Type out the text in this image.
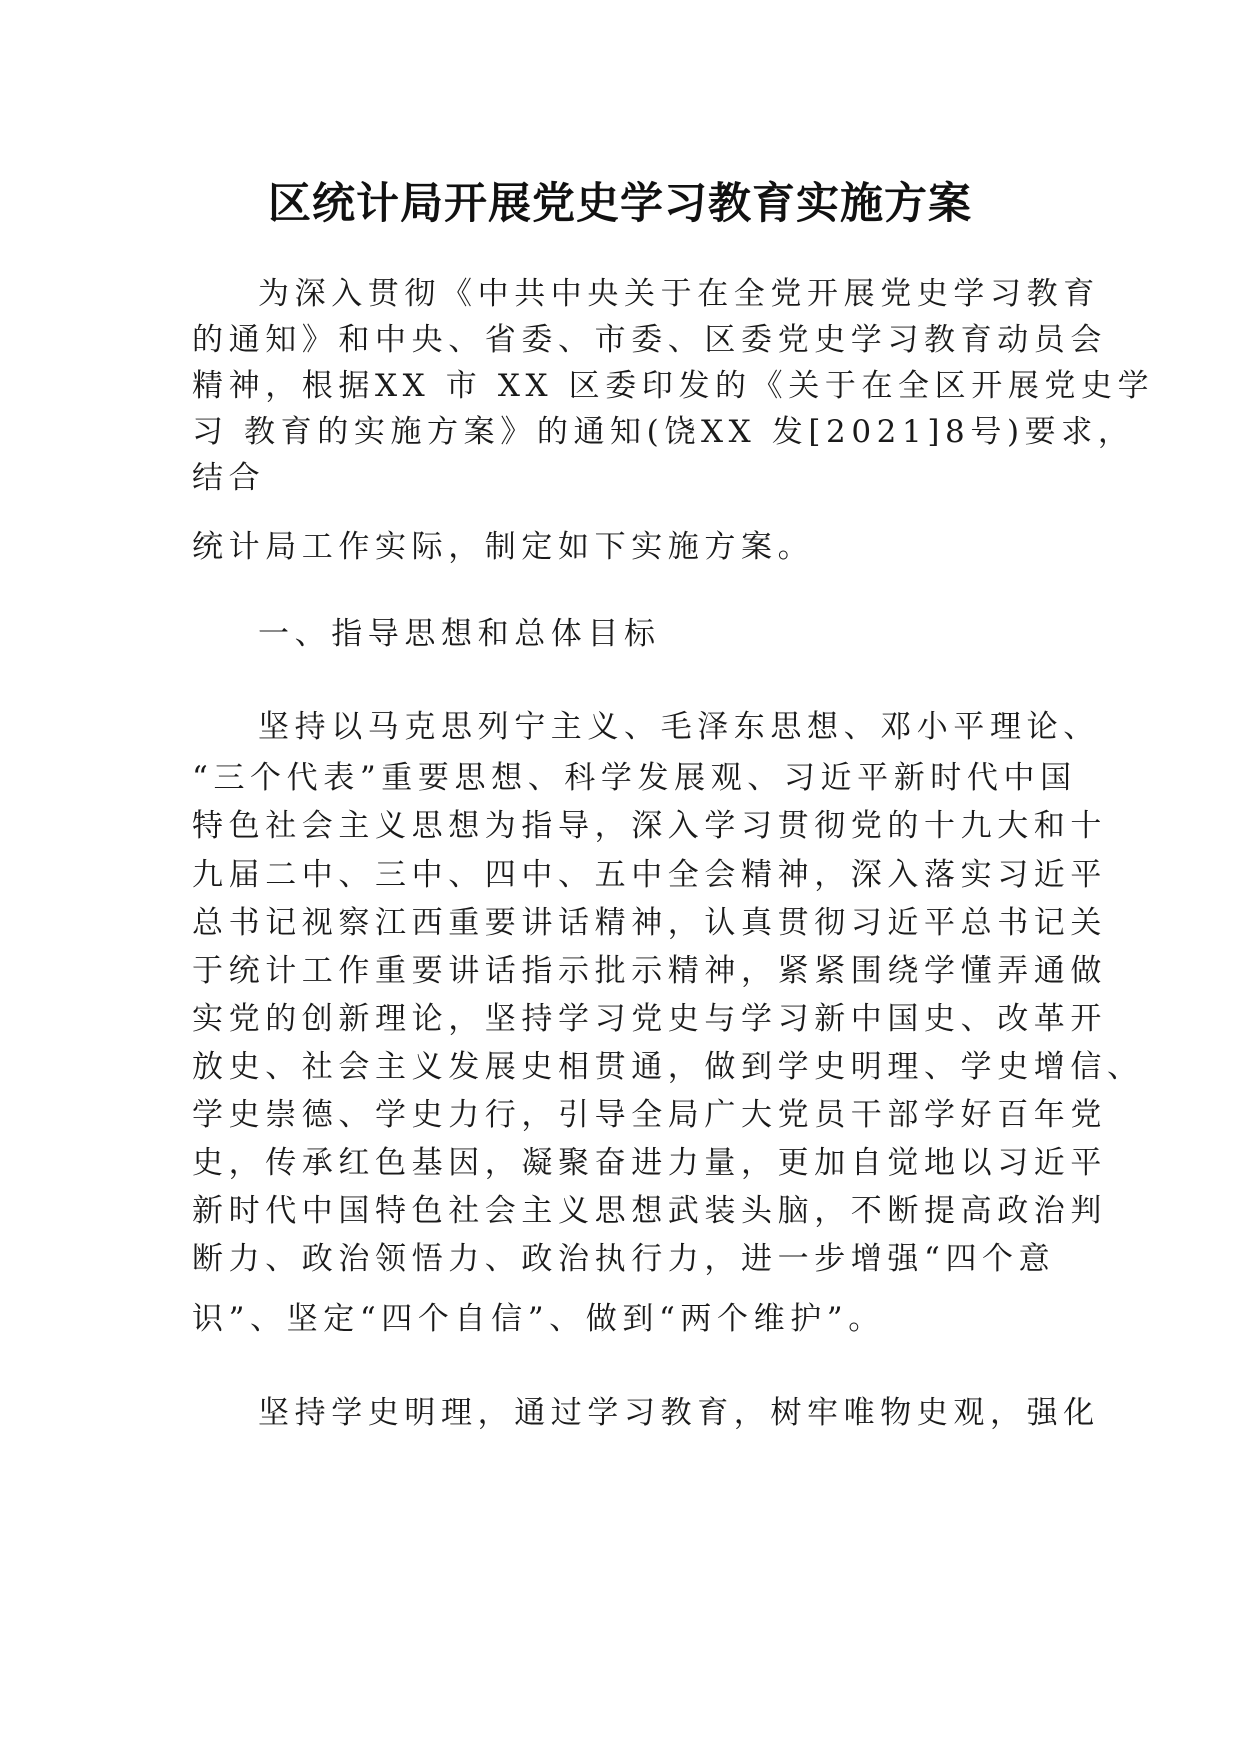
区统计局开展党史学习教育实施方案
为深入贯彻《中共中央关于在全党开展党史学习教育
的通知》和中央、省委、市委、区委党史学习教育动员会
精神，根据XX 市 XX 区委印发的《关于在全区开展党史学
习 教育的实施方案》的通知(饶XX 发[2021]8号)要求，
结合
统计局工作实际，制定如下实施方案。
一、指导思想和总体目标
坚持以马克思列宁主义、毛泽东思想、邓小平理论、
“三个代表”重要思想、科学发展观、习近平新时代中国
特色社会主义思想为指导，深入学习贯彻党的十九大和十
九届二中、三中、四中、五中全会精神，深入落实习近平
总书记视察江西重要讲话精神，认真贯彻习近平总书记关
于统计工作重要讲话指示批示精神，紧紧围绕学懂弄通做
实党的创新理论，坚持学习党史与学习新中国史、改革开
放史、社会主义发展史相贯通，做到学史明理、学史增信、
学史崇德、学史力行，引导全局广大党员干部学好百年党
史，传承红色基因，凝聚奋进力量，更加自觉地以习近平
新时代中国特色社会主义思想武装头脑，不断提高政治判
断力、政治领悟力、政治执行力，进一步增强“四个意
识”、坚定“四个自信”、做到“两个维护”。
坚持学史明理，通过学习教育，树牢唯物史观，强化
